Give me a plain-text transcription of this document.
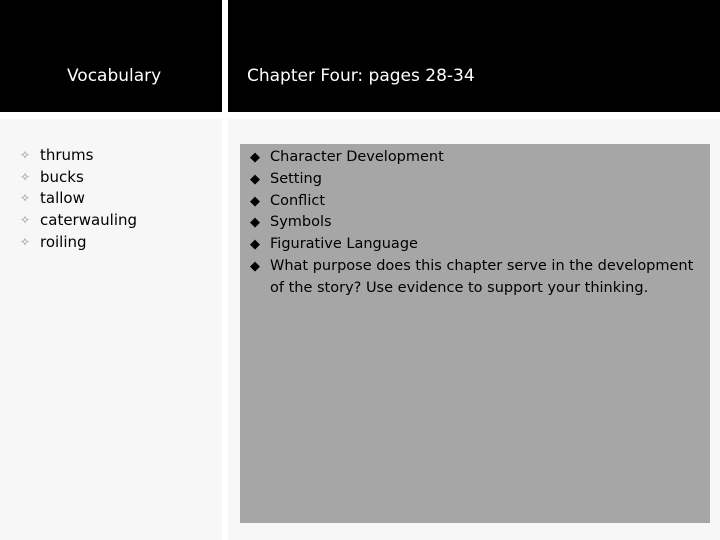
Vocabulary
✧ thrums
✧ bucks
✧ tallow
✧ caterwauling
✧ roiling
Chapter Four: pages 28-34
◆ Character Development
◆ Setting
◆ Conflict
◆ Symbols
◆ Figurative Language
◆ What purpose does this chapter serve in the development of the story? Use evidence to support your thinking.
